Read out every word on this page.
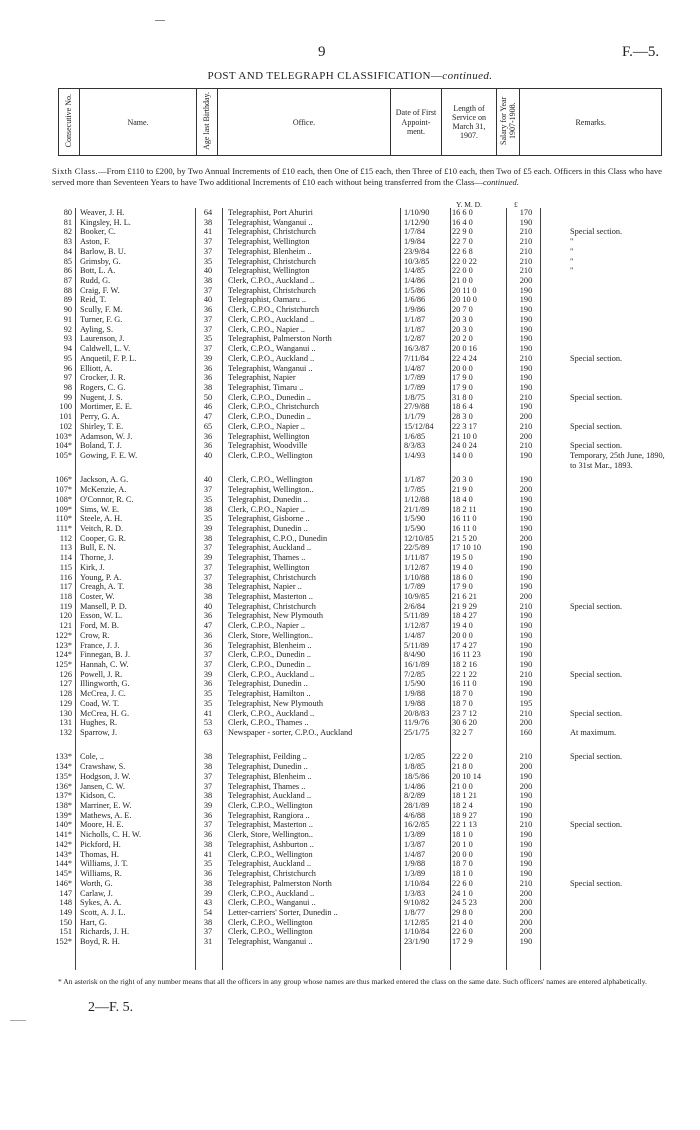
9	F.—5.
POST AND TELEGRAPH CLASSIFICATION—continued.
Consecutive No.	Name.	Age last Birthday.	Office.	Date of First Appoint-ment.	Length of Service on March 31, 1907.	Salary for Year 1907-1908.	Remarks.
Sixth Class.—From £110 to £200, by Two Annual Increments of £10 each, then One of £15 each, then Three of £10 each, then Two of £5 each. Officers in this Class who have served more than Seventeen Years to have Two additional Increments of £10 each without being transferred from the Class—continued.
Y. M. D.	£
80 Weaver, J. H.	64	Telegraphist, Port Ahuriri	1/10/90	16 6 0	170
81 Kingsley, H. L.	38	Telegraphist, Wanganui ..	1/12/90	16 4 0	190
82 Booker, C.	41	Telegraphist, Christchurch	1/7/84	22 9 0	210	Special section.
83 Aston, F.	37	Telegraphist, Wellington	1/9/84	22 7 0	210	"
84 Barlow, B. U.	37	Telegraphist, Blenheim ..	23/9/84	22 6 8	210	"
85 Grimsby, G.	35	Telegraphist, Christchurch	10/3/85	22 0 22	210	"
86 Bott, L. A.	40	Telegraphist, Wellington	1/4/85	22 0 0	210	"
87 Rudd, G.	38	Clerk, C.P.O., Auckland ..	1/4/86	21 0 0	200
88 Craig, F. W.	37	Telegraphist, Christchurch	1/5/86	20 11 0	190
89 Reid, T.	40	Telegraphist, Oamaru ..	1/6/86	20 10 0	190
90 Scully, F. M.	36	Clerk, C.P.O., Christchurch	1/9/86	20 7 0	190
91 Turner, F. G.	37	Clerk, C.P.O., Auckland ..	1/1/87	20 3 0	190
92 Ayling, S.	37	Clerk, C.P.O., Napier ..	1/1/87	20 3 0	190
93 Laurenson, J.	35	Telegraphist, Palmerston North	1/2/87	20 2 0	190
94 Caldwell, L. V.	37	Clerk, C.P.O., Wanganui ..	16/3/87	20 0 16	190
95 Anquetil, F. P. L.	39	Clerk, C.P.O., Auckland ..	7/11/84	22 4 24	210	Special section.
96 Elliott, A.	36	Telegraphist, Wanganui ..	1/4/87	20 0 0	190
97 Crocker, J. R.	36	Telegraphist, Napier	1/7/89	17 9 0	190
98 Rogers, C. G.	38	Telegraphist, Timaru ..	1/7/89	17 9 0	190
99 Nugent, J. S.	50	Clerk, C.P.O., Dunedin ..	1/8/75	31 8 0	210	Special section.
100 Mortimer, E. E.	46	Clerk, C.P.O., Christchurch	27/9/88	18 6 4	190
101 Perry, G. A.	47	Clerk, C.P.O., Dunedin ..	1/1/79	28 3 0	200
102 Shirley, T. E.	65	Clerk, C.P.O., Napier ..	15/12/84	22 3 17	210	Special section.
103* Adamson, W. J.	36	Telegraphist, Wellington	1/6/85	21 10 0	200
104* Boland, T. J.	36	Telegraphist, Woodville	8/3/83	24 0 24	210	Special section.
105* Gowing, F. E. W.	40	Clerk, C.P.O., Wellington	1/4/93	14 0 0	190	Temporary, 25th June, 1890, to 31st Mar., 1893.
106* Jackson, A. G.	40	Clerk, C.P.O., Wellington	1/1/87	20 3 0	190
107* McKenzie, A.	37	Telegraphist, Wellington..	1/7/85	21 9 0	200
108* O'Connor, R. C.	35	Telegraphist, Dunedin ..	1/12/88	18 4 0	190
109* Sims, W. E.	38	Clerk, C.P.O., Napier ..	21/1/89	18 2 11	190
110* Steele, A. H.	35	Telegraphist, Gisborne ..	1/5/90	16 11 0	190
111* Veitch, R. D.	39	Telegraphist, Dunedin ..	1/5/90	16 11 0	190
112 Cooper, G. R.	38	Telegraphist, C.P.O., Dunedin	12/10/85	21 5 20	200
113 Bull, E. N.	37	Telegraphist, Auckland ..	22/5/89	17 10 10	190
114 Thorne, J.	39	Telegraphist, Thames ..	1/11/87	19 5 0	190
115 Kirk, J.	37	Telegraphist, Wellington	1/12/87	19 4 0	190
116 Young, P. A.	37	Telegraphist, Christchurch	1/10/88	18 6 0	190
117 Creagh, A. T.	38	Telegraphist, Napier ..	1/7/89	17 9 0	190
118 Coster, W.	38	Telegraphist, Masterton ..	10/9/85	21 6 21	200
119 Mansell, P. D.	40	Telegraphist, Christchurch	2/6/84	21 9 29	210	Special section.
120 Esson, W. L.	36	Telegraphist, New Plymouth	5/11/89	18 4 27	190
121 Ford, M. B.	47	Clerk, C.P.O., Napier ..	1/12/87	19 4 0	190
122* Crow, R.	36	Clerk, Store, Wellington..	1/4/87	20 0 0	190
123* France, J. J.	36	Telegraphist, Blenheim ..	5/11/89	17 4 27	190
124* Finnegan, B. J.	37	Clerk, C.P.O., Dunedin ..	8/4/90	16 11 23	190
125* Hannah, C. W.	37	Clerk, C.P.O., Dunedin ..	16/1/89	18 2 16	190
126 Powell, J. R.	39	Clerk, C.P.O., Auckland ..	7/2/85	22 1 22	210	Special section.
127 Illingworth, G.	36	Telegraphist, Dunedin ..	1/5/90	16 11 0	190
128 McCrea, J. C.	35	Telegraphist, Hamilton ..	1/9/88	18 7 0	190
129 Coad, W. T.	35	Telegraphist, New Plymouth	1/9/88	18 7 0	195
130 McCrea, H. G.	41	Clerk, C.P.O., Auckland ..	20/8/83	23 7 12	210	Special section.
131 Hughes, R.	53	Clerk, C.P.O., Thames ..	11/9/76	30 6 20	200
132 Sparrow, J.	63	Newspaper - sorter, C.P.O., Auckland	25/1/75	32 2 7	160	At maximum.
133* Cole, ..	38	Telegraphist, Feilding ..	1/2/85	22 2 0	210	Special section.
134* Crawshaw, S.	38	Telegraphist, Dunedin ..	1/8/85	21 8 0	200
135* Hodgson, J. W.	37	Telegraphist, Blenheim ..	18/5/86	20 10 14	190
136* Jansen, C. W.	37	Telegraphist, Thames ..	1/4/86	21 0 0	200
137* Kidson, C.	38	Telegraphist, Auckland ..	8/2/89	18 1 21	190
138* Marriner, E. W.	39	Clerk, C.P.O., Wellington	28/1/89	18 2 4	190
139* Mathews, A. E.	36	Telegraphist, Rangiora ..	4/6/88	18 9 27	190
140* Moore, H. E.	37	Telegraphist, Masterton ..	16/2/85	22 1 13	210	Special section.
141* Nicholls, C. H. W.	36	Clerk, Store, Wellington..	1/3/89	18 1 0	190
142* Pickford, H.	38	Telegraphist, Ashburton ..	1/3/87	20 1 0	190
143* Thomas, H.	41	Clerk, C.P.O., Wellington	1/4/87	20 0 0	190
144* Williams, J. T.	35	Telegraphist, Auckland ..	1/9/88	18 7 0	190
145* Williams, R.	36	Telegraphist, Christchurch	1/3/89	18 1 0	190
146* Worth, G.	38	Telegraphist, Palmerston North	1/10/84	22 6 0	210	Special section.
147 Carlaw, J.	39	Clerk, C.P.O., Auckland ..	1/3/83	24 1 0	200
148 Sykes, A. A.	43	Clerk, C.P.O., Wanganui ..	9/10/82	24 5 23	200
149 Scott, A. J. L.	54	Letter-carriers' Sorter, Dunedin ..	1/8/77	29 8 0	200
150 Hart, G.	38	Clerk, C.P.O., Wellington	1/12/85	21 4 0	200
151 Richards, J. H.	37	Clerk, C.P.O., Wellington	1/10/84	22 6 0	200
152* Boyd, R. H.	31	Telegraphist, Wanganui ..	23/1/90	17 2 9	190
* An asterisk on the right of any number means that all the officers in any group whose names are thus marked entered the class on the same date. Such officers' names are entered alphabetically.
2—F. 5.
